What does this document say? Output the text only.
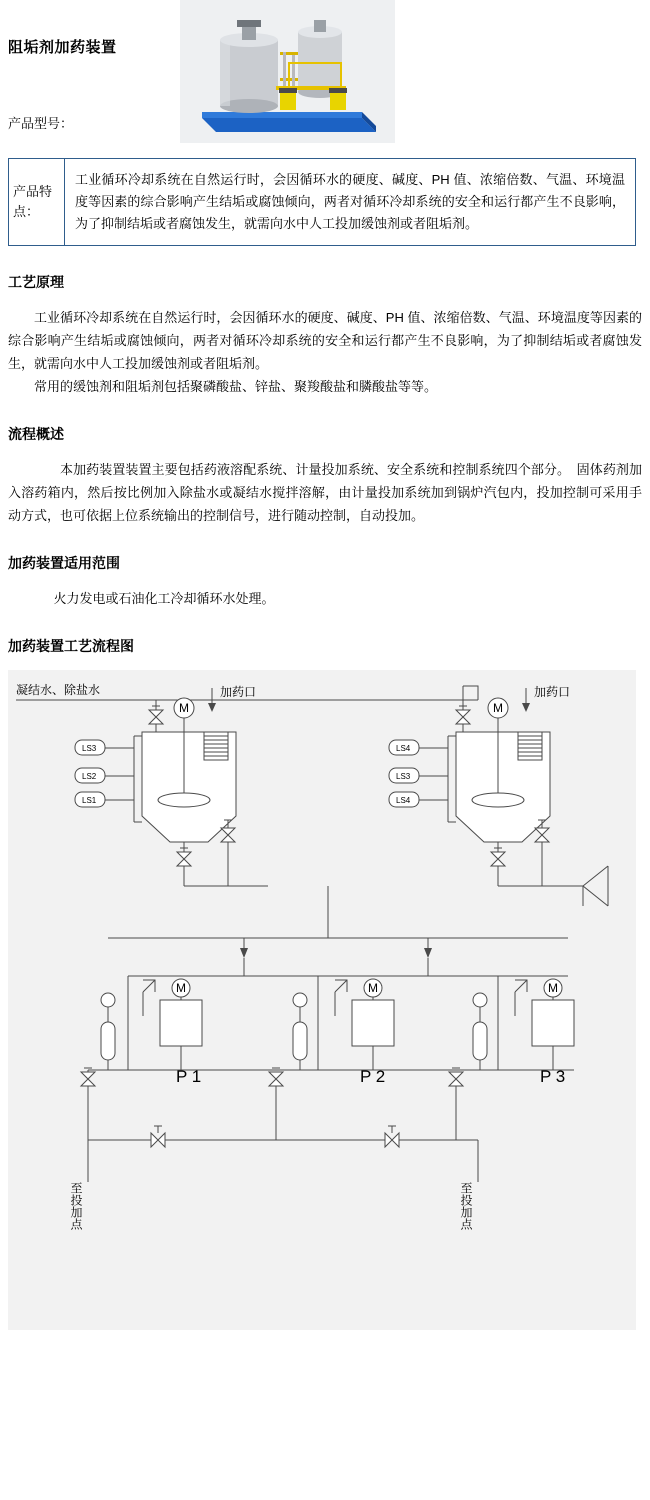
阻垢剂加药装置
产品型号：
产品特点：
工业循环冷却系统在自然运行时，会因循环水的硬度、碱度、PH 值、浓缩倍数、气温、环境温度等因素的综合影响产生结垢或腐蚀倾向，两者对循环冷却系统的安全和运行都产生不良影响，为了抑制结垢或者腐蚀发生，就需向水中人工投加缓蚀剂或者阻垢剂。
工艺原理

工业循环冷却系统在自然运行时，会因循环水的硬度、碱度、PH 值、浓缩倍数、气温、环境温度等因素的综合影响产生结垢或腐蚀倾向，两者对循环冷却系统的安全和运行都产生不良影响，为了抑制结垢或者腐蚀发生，就需向水中人工投加缓蚀剂或者阻垢剂。

常用的缓蚀剂和阻垢剂包括聚磷酸盐、锌盐、聚羧酸盐和膦酸盐等等。

流程概述

本加药装置装置主要包括药液溶配系统、计量投加系统、安全系统和控制系统四个部分。　固体药剂加入溶药箱内，然后按比例加入除盐水或凝结水搅拌溶解，由计量投加系统加到锅炉汽包内，投加控制可采用手动方式，也可依据上位系统输出的控制信号，进行随动控制，自动投加。

加药装置适用范围

火力发电或石油化工冷却循环水处理。

加药装置工艺流程图
凝结水、除盐水	加药口	加药口
LS3
LS2
LS1
LS4
LS3
LS4
M	M
M	M	M
P 1	P 2	P 3
至投加点	至投加点
